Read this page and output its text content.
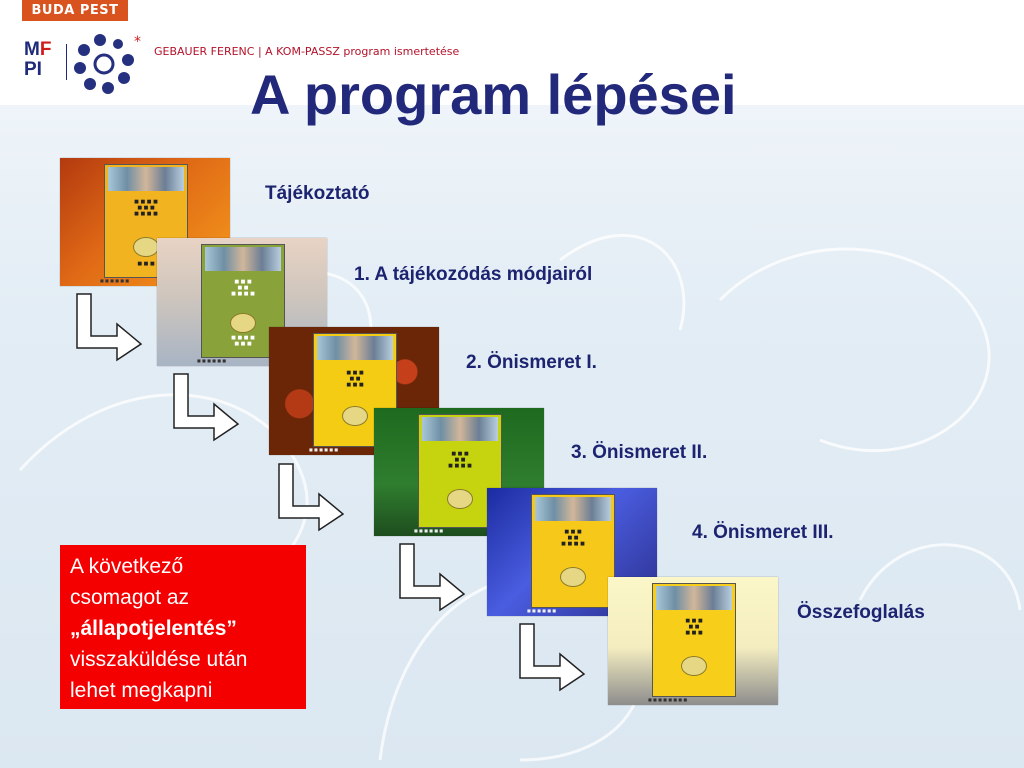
BUDA PEST
MF
PI
*
GEBAUER FERENC | A KOM-PASSZ program ismertetése
A program lépései
■ ■ ■ ■
■ ■ ■
■ ■ ■ ■
■ ■ ■
■ ■ ■ ■ ■ ■	■ ■ ■
■ ■
■ ■ ■ ■
■ ■ ■ ■
■ ■ ■
■ ■ ■ ■ ■ ■
■ ■ ■
■ ■
■ ■ ■
■ ■ ■ ■ ■ ■
■ ■ ■
■ ■
■ ■ ■ ■
■ ■ ■ ■ ■ ■	■ ■ ■
■ ■
■ ■ ■ ■
■ ■ ■ ■ ■ ■
■ ■ ■
■ ■
■ ■ ■
■ ■ ■ ■ ■ ■ ■ ■
Tájékoztató
1. A tájékozódás módjairól
2. Önismeret I.
3. Önismeret II.
4. Önismeret III.
Összefoglalás
A következő
csomagot az
„állapotjelentés”
visszaküldése után
lehet megkapni
